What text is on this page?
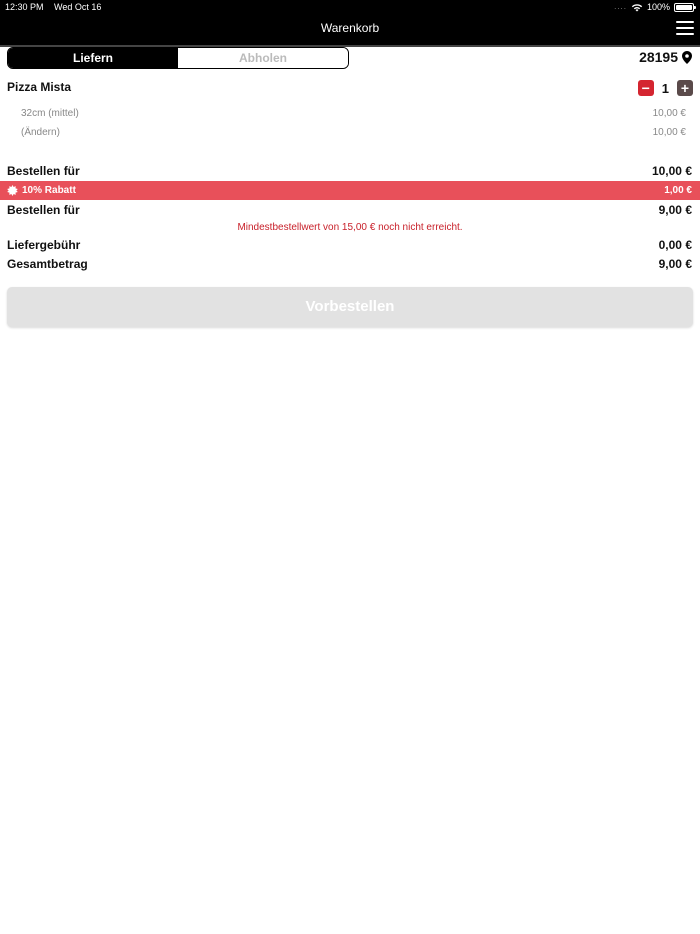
12:30 PM Wed Oct 16	.... 100%
Warenkorb
Liefern	Abholen	28195
Pizza Mista	− 1 +
32cm (mittel)	10,00 €
(Ändern)	10,00 €
Bestellen für	10,00 €
10% Rabatt	1,00 €
Bestellen für	9,00 €
Mindestbestellwert von 15,00 € noch nicht erreicht.
Liefergebühr	0,00 €
Gesamtbetrag	9,00 €
Vorbestellen
